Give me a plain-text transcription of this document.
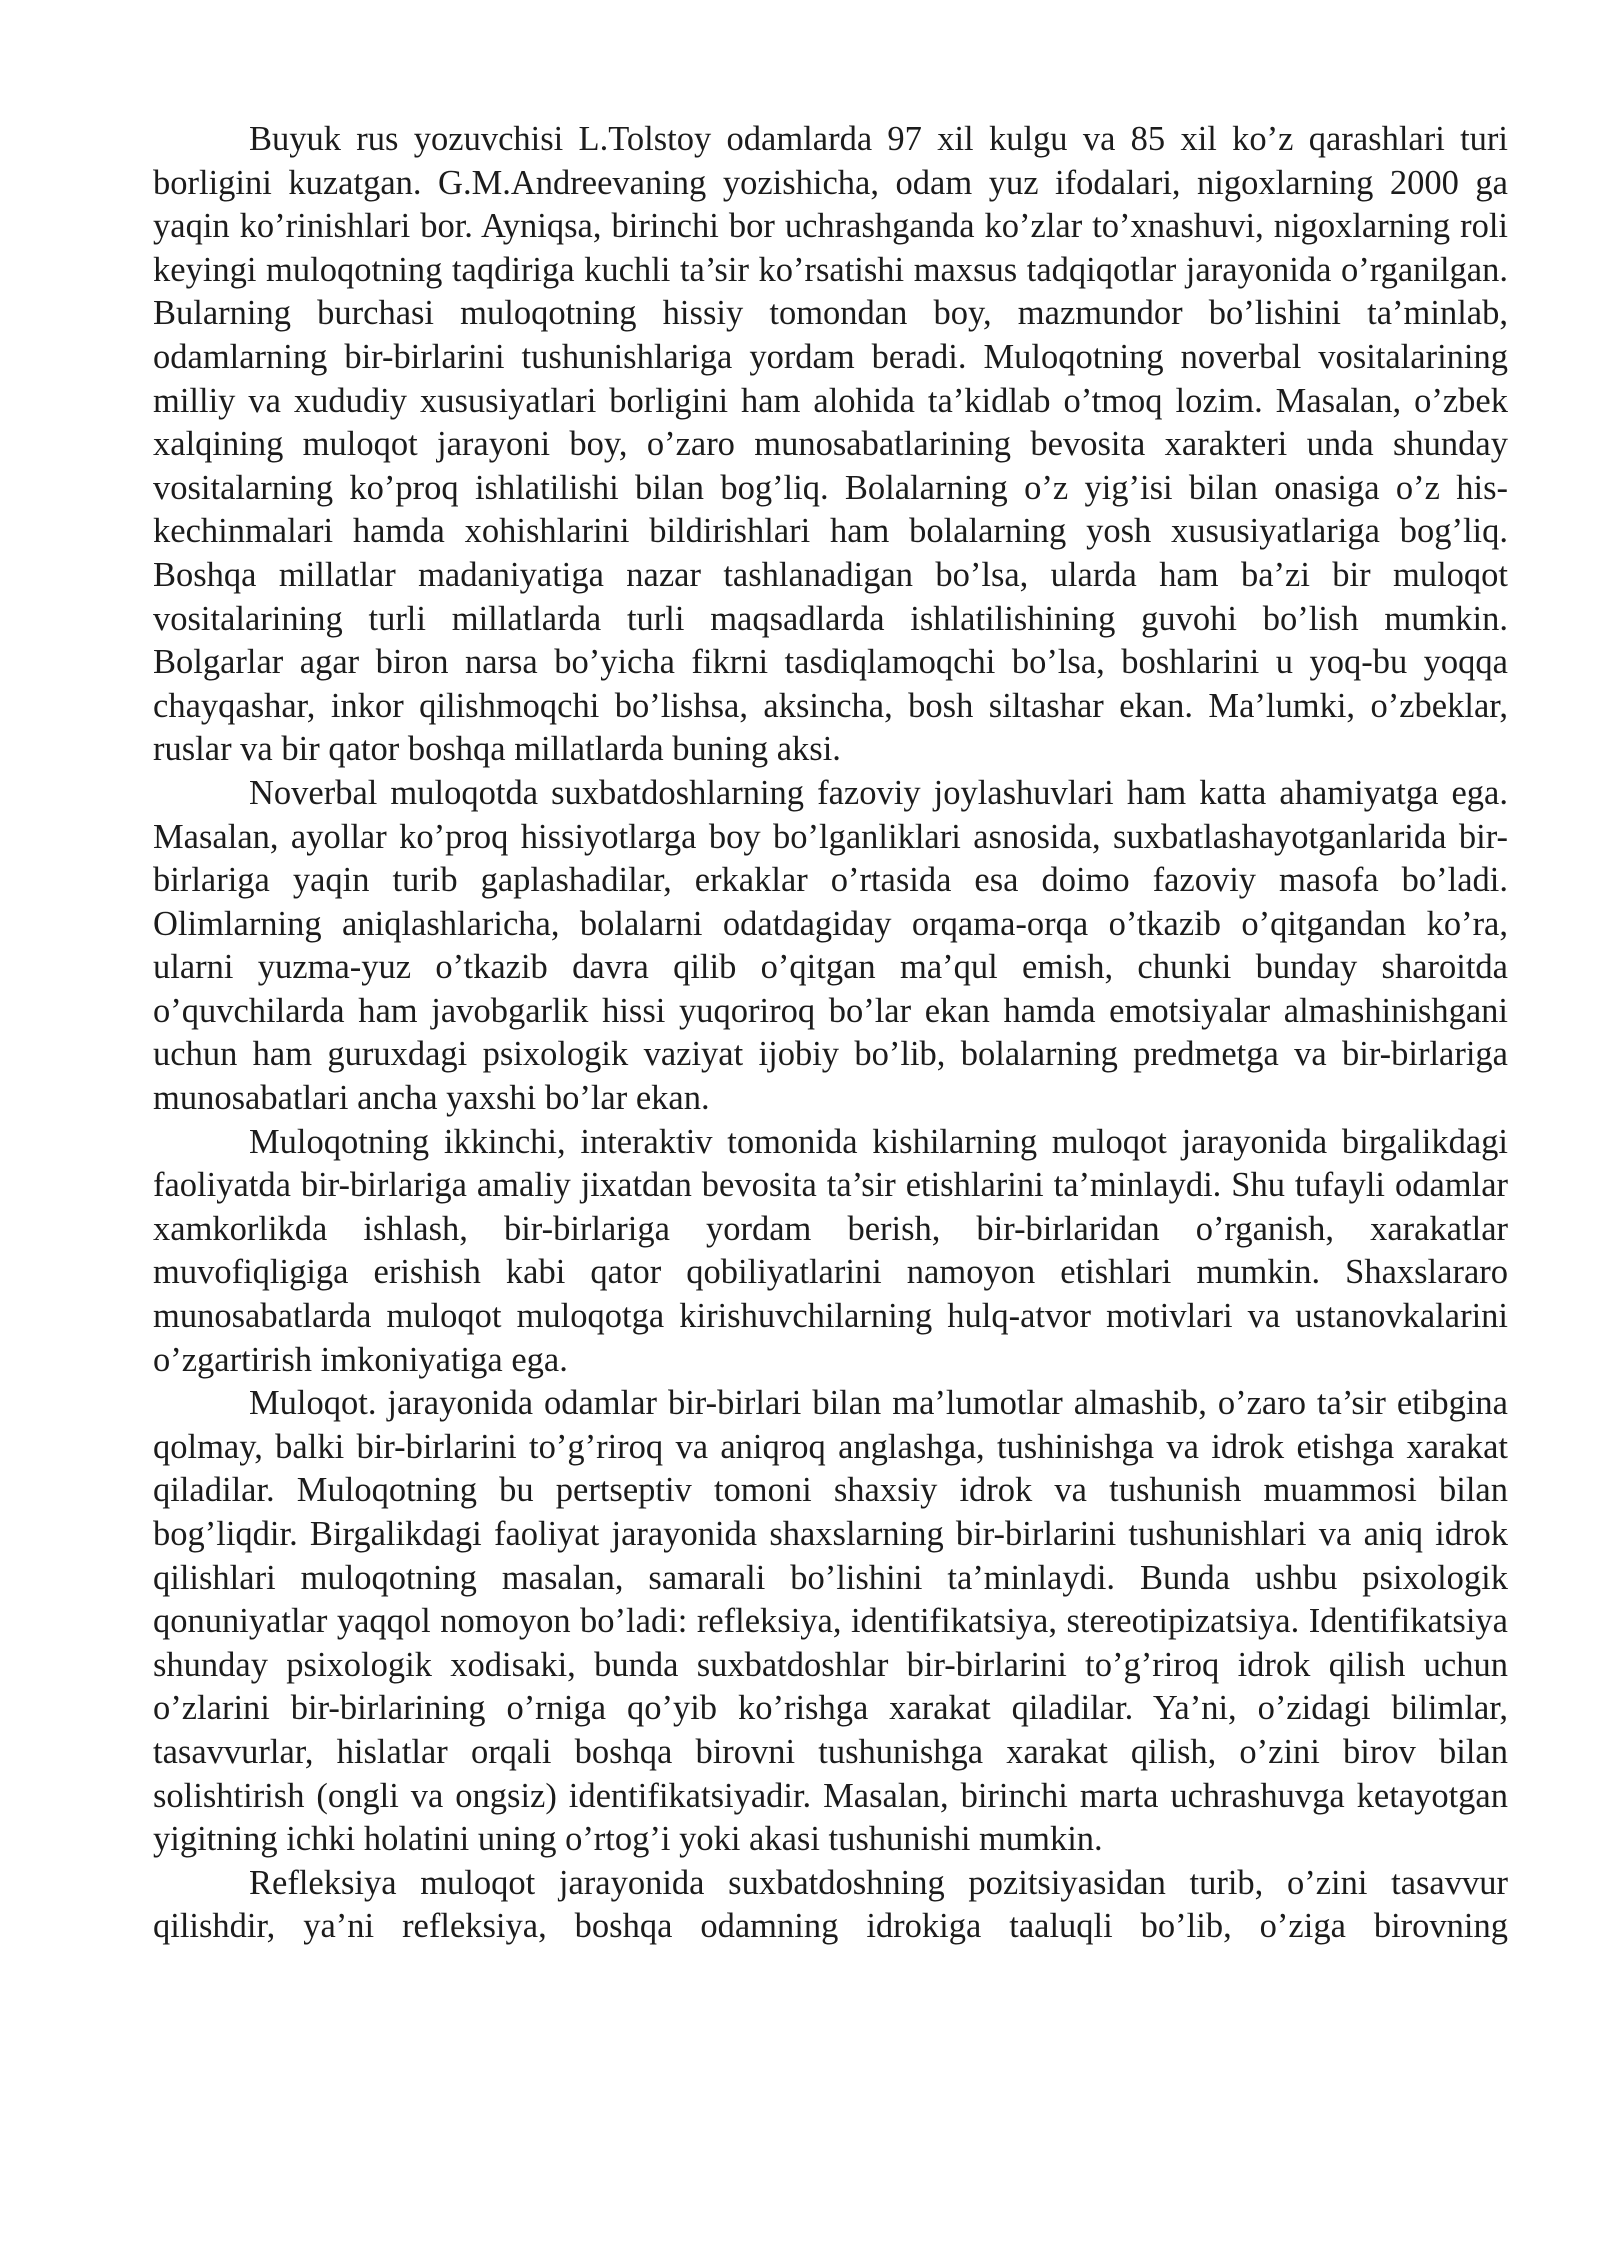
Buyuk rus yozuvchisi L.Tolstoy odamlarda 97 xil kulgu va 85 xil ko’z qarashlari turi borligini kuzatgan. G.M.Andreevaning yozishicha, odam yuz ifodalari, nigoxlarning 2000 ga yaqin ko’rinishlari bor. Ayniqsa, birinchi bor uchrashganda ko’zlar to’xnashuvi, nigoxlarning roli keyingi muloqotning taqdiriga kuchli ta’sir ko’rsatishi maxsus tadqiqotlar jarayonida o’rganilgan. Bularning burchasi muloqotning hissiy tomondan boy, mazmundor bo’lishini ta’minlab, odamlarning bir-birlarini tushunishlariga yordam beradi. Muloqotning noverbal vositalarining milliy va xududiy xususiyatlari borligini ham alohida ta’kidlab o’tmoq lozim. Masalan, o’zbek xalqining muloqot jarayoni boy, o’zaro munosabatlarining bevosita xarakteri unda shunday vositalarning ko’proq ishlatilishi bilan bog’liq. Bolalarning o’z yig’isi bilan onasiga o’z his-kechinmalari hamda xohishlarini bildirishlari ham bolalarning yosh xususiyatlariga bog’liq. Boshqa millatlar madaniyatiga nazar tashlanadigan bo’lsa, ularda ham ba’zi bir muloqot vositalarining turli millatlarda turli maqsadlarda ishlatilishining guvohi bo’lish mumkin. Bolgarlar agar biron narsa bo’yicha fikrni tasdiqlamoqchi bo’lsa, boshlarini u yoq-bu yoqqa chayqashar, inkor qilishmoqchi bo’lishsa, aksincha, bosh siltashar ekan. Ma’lumki, o’zbeklar, ruslar va bir qator boshqa millatlarda buning aksi.

Noverbal muloqotda suxbatdoshlarning fazoviy joylashuvlari ham katta ahamiyatga ega. Masalan, ayollar ko’proq hissiyotlarga boy bo’lganliklari asnosida, suxbatlashayotganlarida bir-birlariga yaqin turib gaplashadilar, erkaklar o’rtasida esa doimo fazoviy masofa bo’ladi. Olimlarning aniqlashlaricha, bolalarni odatdagiday orqama-orqa o’tkazib o’qitgandan ko’ra, ularni yuzma-yuz o’tkazib davra qilib o’qitgan ma’qul emish, chunki bunday sharoitda o’quvchilarda ham javobgarlik hissi yuqoriroq bo’lar ekan hamda emotsiyalar almashinishgani uchun ham guruxdagi psixologik vaziyat ijobiy bo’lib, bolalarning predmetga va bir-birlariga munosabatlari ancha yaxshi bo’lar ekan.

Muloqotning ikkinchi, interaktiv tomonida kishilarning muloqot jarayonida birgalikdagi faoliyatda bir-birlariga amaliy jixatdan bevosita ta’sir etishlarini ta’minlaydi. Shu tufayli odamlar xamkorlikda ishlash, bir-birlariga yordam berish, bir-birlaridan o’rganish, xarakatlar muvofiqligiga erishish kabi qator qobiliyatlarini namoyon etishlari mumkin. Shaxslararo munosabatlarda muloqot muloqotga kirishuvchilarning hulq-atvor motivlari va ustanovkalarini o’zgartirish imkoniyatiga ega.

Muloqot. jarayonida odamlar bir-birlari bilan ma’lumotlar almashib, o’zaro ta’sir etibgina qolmay, balki bir-birlarini to’g’riroq va aniqroq anglashga, tushinishga va idrok etishga xarakat qiladilar. Muloqotning bu pertseptiv tomoni shaxsiy idrok va tushunish muammosi bilan bog’liqdir. Birgalikdagi faoliyat jarayonida shaxslarning bir-birlarini tushunishlari va aniq idrok qilishlari muloqotning masalan, samarali bo’lishini ta’minlaydi. Bunda ushbu psixologik qonuniyatlar yaqqol nomoyon bo’ladi: refleksiya, identifikatsiya, stereotipizatsiya. Identifikatsiya shunday psixologik xodisaki, bunda suxbatdoshlar bir-birlarini to’g’riroq idrok qilish uchun o’zlarini bir-birlarining o’rniga qo’yib ko’rishga xarakat qiladilar. Ya’ni, o’zidagi bilimlar, tasavvurlar, hislatlar orqali boshqa birovni tushunishga xarakat qilish, o’zini birov bilan solishtirish (ongli va ongsiz) identifikatsiyadir. Masalan, birinchi marta uchrashuvga ketayotgan yigitning ichki holatini uning o’rtog’i yoki akasi tushunishi mumkin.

Refleksiya muloqot jarayonida suxbatdoshning pozitsiyasidan turib, o’zini tasavvur qilishdir, ya’ni refleksiya, boshqa odamning idrokiga taaluqli bo’lib, o’ziga birovning
